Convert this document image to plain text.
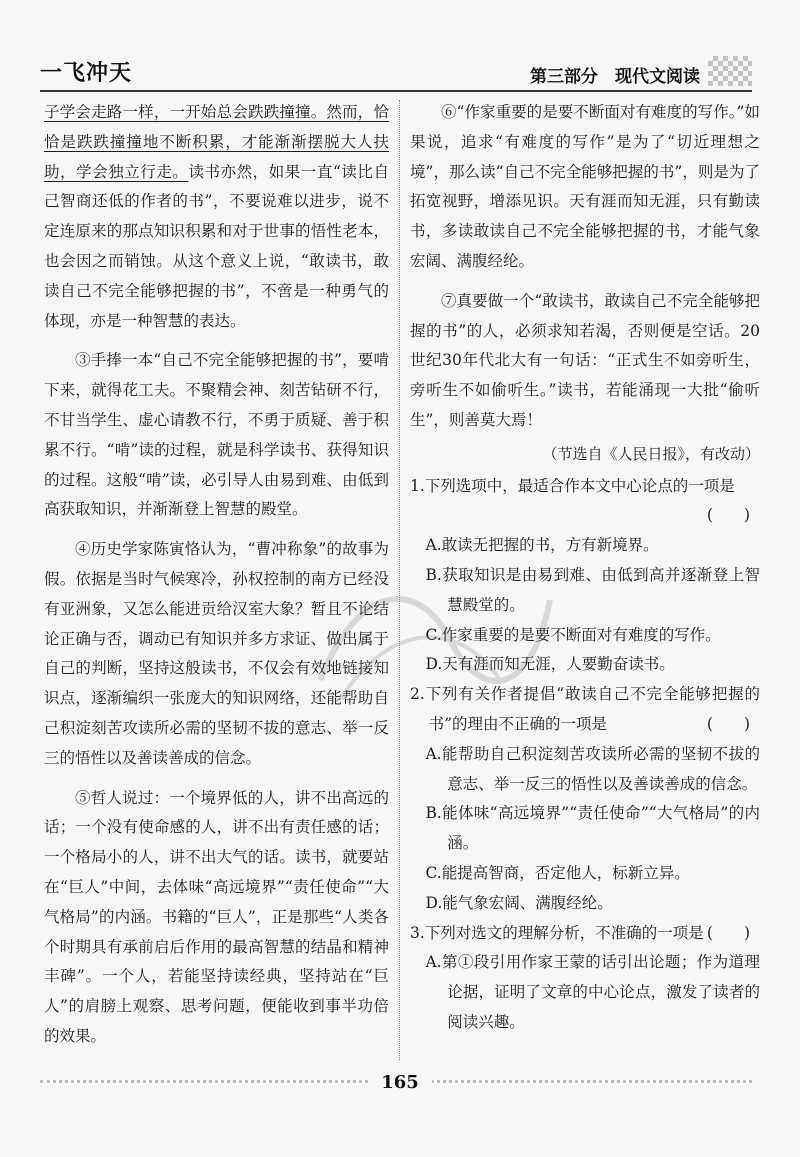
一飞冲天	第三部分　现代文阅读

子学会走路一样，一开始总会跌跌撞撞。然而，恰恰是跌跌撞撞地不断积累，才能渐渐摆脱大人扶助，学会独立行走。读书亦然，如果一直“读比自己智商还低的作者的书”，不要说难以进步，说不定连原来的那点知识积累和对于世事的悟性老本，也会因之而销蚀。从这个意义上说，“敢读书，敢读自己不完全能够把握的书”，不啻是一种勇气的体现，亦是一种智慧的表达。

③手捧一本“自己不完全能够把握的书”，要啃下来，就得花工夫。不聚精会神、刻苦钻研不行，不甘当学生、虚心请教不行，不勇于质疑、善于积累不行。“啃”读的过程，就是科学读书、获得知识的过程。这般“啃”读，必引导人由易到难、由低到高获取知识，并渐渐登上智慧的殿堂。

④历史学家陈寅恪认为，“曹冲称象”的故事为假。依据是当时气候寒冷，孙权控制的南方已经没有亚洲象，又怎么能进贡给汉室大象？暂且不论结论正确与否，调动已有知识并多方求证、做出属于自己的判断，坚持这般读书，不仅会有效地链接知识点，逐渐编织一张庞大的知识网络，还能帮助自己积淀刻苦攻读所必需的坚韧不拔的意志、举一反三的悟性以及善读善成的信念。

⑤哲人说过：一个境界低的人，讲不出高远的话；一个没有使命感的人，讲不出有责任感的话；一个格局小的人，讲不出大气的话。读书，就要站在“巨人”中间，去体味“高远境界”“责任使命”“大气格局”的内涵。书籍的“巨人”，正是那些“人类各个时期具有承前启后作用的最高智慧的结晶和精神丰碑”。一个人，若能坚持读经典，坚持站在“巨人”的肩膀上观察、思考问题，便能收到事半功倍的效果。

⑥“作家重要的是要不断面对有难度的写作。”如果说，追求“有难度的写作”是为了“切近理想之境”，那么读“自己不完全能够把握的书”，则是为了拓宽视野，增添见识。天有涯而知无涯，只有勤读书，多读敢读自己不完全能够把握的书，才能气象宏阔、满腹经纶。

⑦真要做一个“敢读书，敢读自己不完全能够把握的书”的人，必须求知若渴，否则便是空话。20世纪30年代北大有一句话：“正式生不如旁听生，旁听生不如偷听生。”读书，若能涌现一大批“偷听生”，则善莫大焉！

（节选自《人民日报》，有改动）

1.下列选项中，最适合作本文中心论点的一项是

(　　)

A.敢读无把握的书，方有新境界。

B.获取知识是由易到难、由低到高并逐渐登上智慧殿堂的。

C.作家重要的是要不断面对有难度的写作。

D.天有涯而知无涯，人要勤奋读书。

2.下列有关作者提倡“敢读自己不完全能够把握的书”的理由不正确的一项是	(　　)

A.能帮助自己积淀刻苦攻读所必需的坚韧不拔的意志、举一反三的悟性以及善读善成的信念。

B.能体味“高远境界”“责任使命”“大气格局”的内涵。

C.能提高智商，否定他人，标新立异。

D.能气象宏阔、满腹经纶。

3.下列对选文的理解分析，不准确的一项是 (　　)

A.第①段引用作家王蒙的话引出论题；作为道理论据，证明了文章的中心论点，激发了读者的阅读兴趣。

165
